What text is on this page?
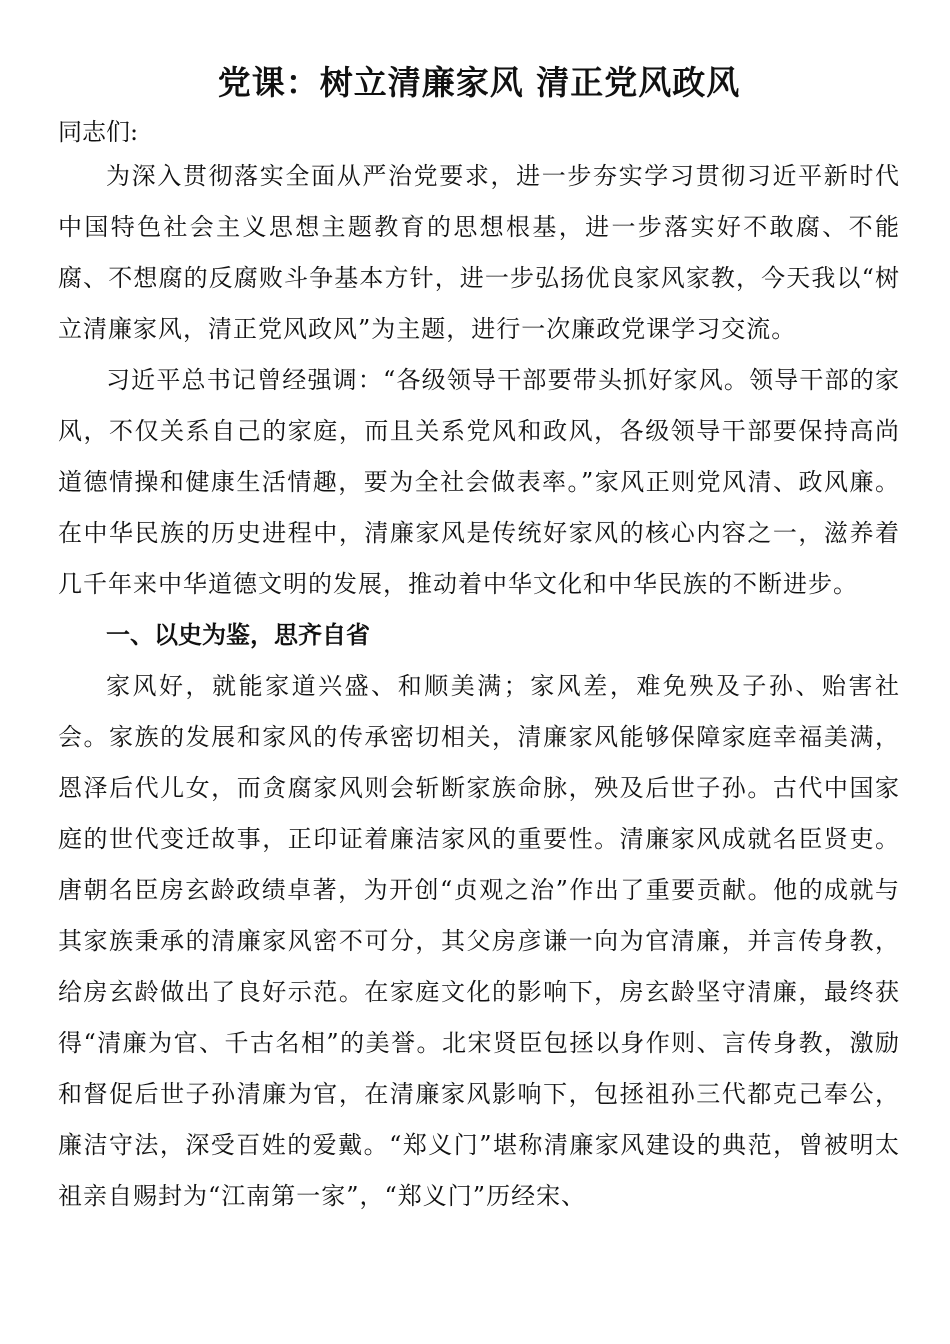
党课：树立清廉家风 清正党风政风

同志们:

为深入贯彻落实全面从严治党要求，进一步夯实学习贯彻习近平新时代中国特色社会主义思想主题教育的思想根基，进一步落实好不敢腐、不能腐、不想腐的反腐败斗争基本方针，进一步弘扬优良家风家教，今天我以“树立清廉家风，清正党风政风”为主题，进行一次廉政党课学习交流。

习近平总书记曾经强调：“各级领导干部要带头抓好家风。领导干部的家风，不仅关系自己的家庭，而且关系党风和政风，各级领导干部要保持高尚道德情操和健康生活情趣，要为全社会做表率。”家风正则党风清、政风廉。在中华民族的历史进程中，清廉家风是传统好家风的核心内容之一，滋养着几千年来中华道德文明的发展，推动着中华文化和中华民族的不断进步。

一、以史为鉴，思齐自省

家风好，就能家道兴盛、和顺美满；家风差，难免殃及子孙、贻害社会。家族的发展和家风的传承密切相关，清廉家风能够保障家庭幸福美满，恩泽后代儿女，而贪腐家风则会斩断家族命脉，殃及后世子孙。古代中国家庭的世代变迁故事，正印证着廉洁家风的重要性。清廉家风成就名臣贤吏。唐朝名臣房玄龄政绩卓著，为开创“贞观之治”作出了重要贡献。他的成就与其家族秉承的清廉家风密不可分，其父房彦谦一向为官清廉，并言传身教，给房玄龄做出了良好示范。在家庭文化的影响下，房玄龄坚守清廉，最终获得“清廉为官、千古名相”的美誉。北宋贤臣包拯以身作则、言传身教，激励和督促后世子孙清廉为官，在清廉家风影响下，包拯祖孙三代都克己奉公，廉洁守法，深受百姓的爱戴。“郑义门”堪称清廉家风建设的典范，曾被明太祖亲自赐封为“江南第一家”，“郑义门”历经宋、
